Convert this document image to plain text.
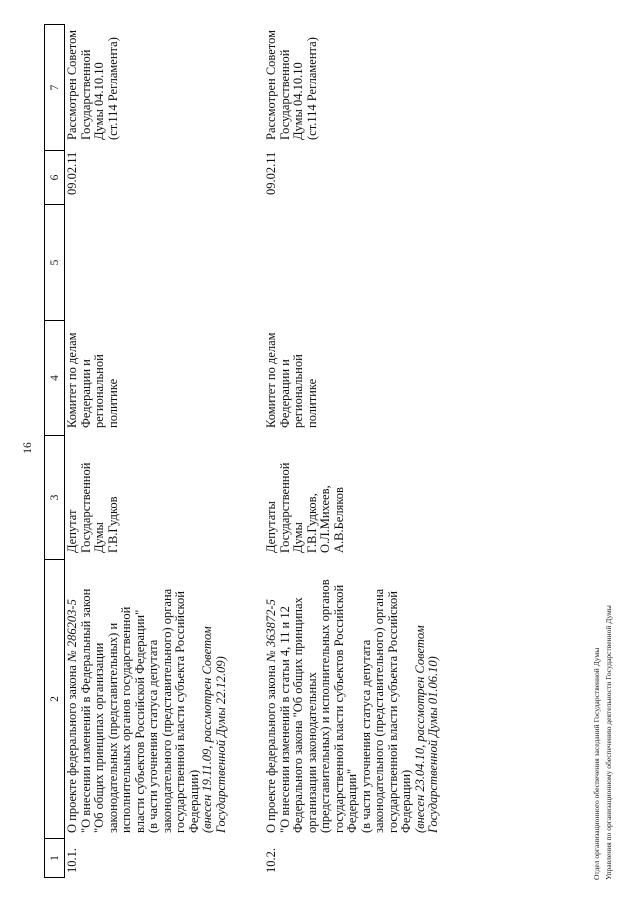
16
1
2
3
4
5
6
7
10.1.
О проекте федерального закона № 286203-5 "О внесении изменений в Федеральный закон "Об общих принципах организации законодательных (представительных) и исполнительных органов государственной власти субъектов Российской Федерации" (в части уточнения статуса депутата законодательного (представительного) органа государственной власти субъекта Российской Федерации) (внесен 19.11.09, рассмотрен Советом Государственной Думы 22.12.09)
Депутат Государственной Думы Г.В.Гудков
Комитет по делам Федерации и региональной политике
09.02.11
Рассмотрен Советом Государственной Думы 04.10.10 (ст.114 Регламента)
10.2.
О проекте федерального закона № 363872-5 "О внесении изменений в статьи 4, 11 и 12 Федерального закона "Об общих принципах организации законодательных (представительных) и исполнительных органов государственной власти субъектов Российской Федерации" (в части уточнения статуса депутата законодательного (представительного) органа государственной власти субъекта Российской Федерации) (внесен 23.04.10, рассмотрен Советом Государственной Думы 01.06.10)
Депутаты Государственной Думы Г.В.Гудков, О.Л.Михеев, А.В.Беляков
Комитет по делам Федерации и региональной политике
09.02.11
Рассмотрен Советом Государственной Думы 04.10.10 (ст.114 Регламента)
Отдел организационного обеспечения заседаний Государственной Думы Управления по организационному обеспечению деятельности Государственной Думы
